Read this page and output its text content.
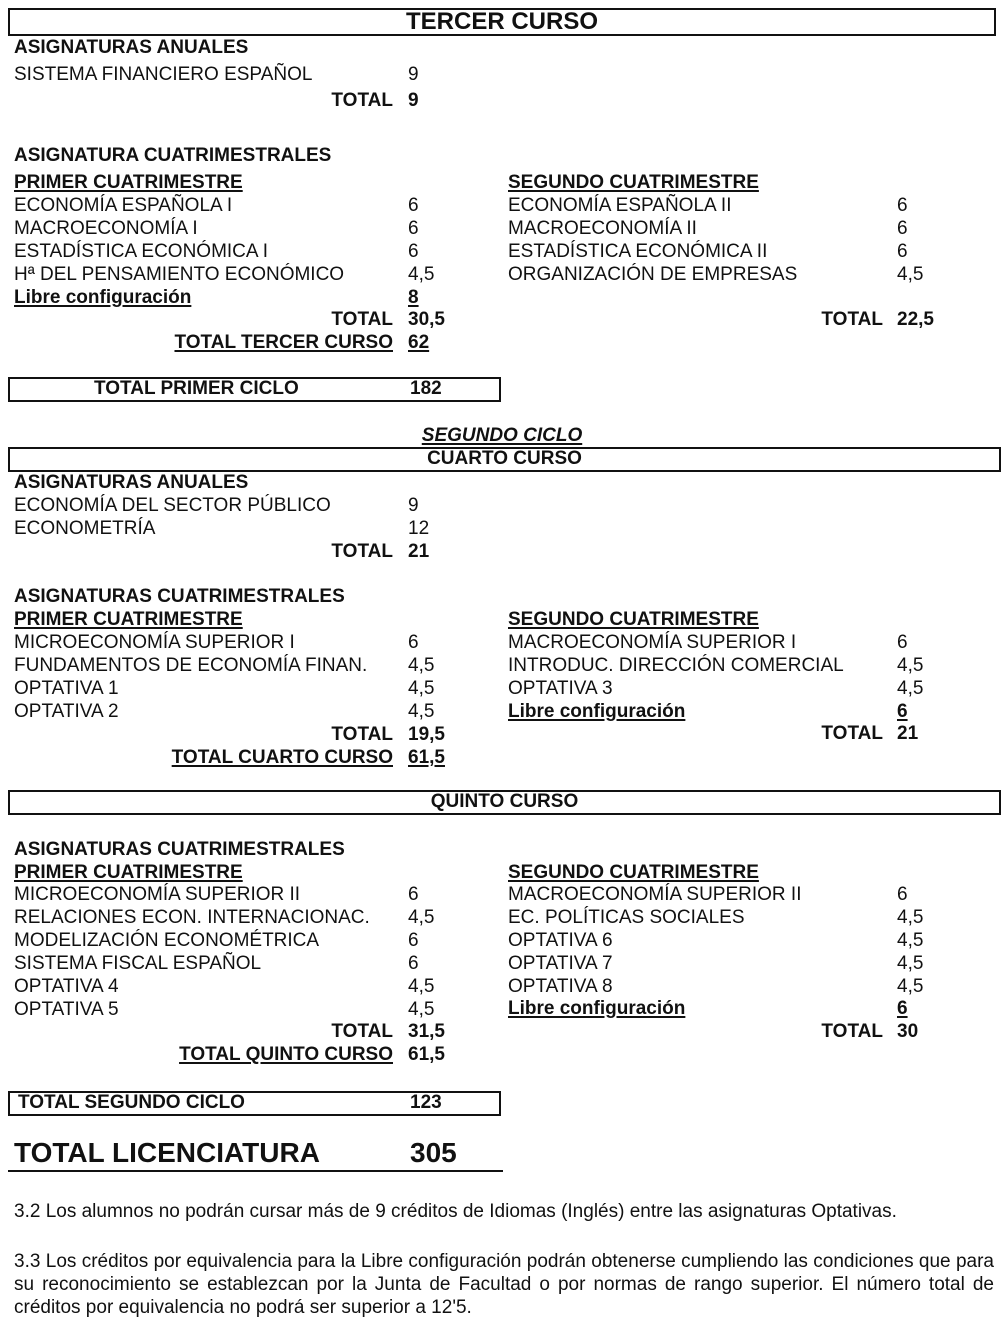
TERCER CURSO
ASIGNATURAS ANUALES
SISTEMA FINANCIERO ESPAÑOL	9
TOTAL 9
ASIGNATURA CUATRIMESTRALES
PRIMER CUATRIMESTRE
ECONOMÍA ESPAÑOLA I	6
MACROECONOMÍA I	6
ESTADÍSTICA ECONÓMICA I	6
Hª DEL PENSAMIENTO ECONÓMICO	4,5
Libre configuración	8
TOTAL 30,5
TOTAL TERCER CURSO 62
SEGUNDO CUATRIMESTRE
ECONOMÍA ESPAÑOLA II	6
MACROECONOMÍA II	6
ESTADÍSTICA ECONÓMICA II	6
ORGANIZACIÓN DE EMPRESAS	4,5
TOTAL 22,5
TOTAL PRIMER CICLO	182
SEGUNDO CICLO
CUARTO CURSO
ASIGNATURAS ANUALES
ECONOMÍA DEL SECTOR PÚBLICO	9
ECONOMETRÍA	12
TOTAL 21
ASIGNATURAS CUATRIMESTRALES
PRIMER CUATRIMESTRE
MICROECONOMÍA SUPERIOR I	6
FUNDAMENTOS DE ECONOMÍA FINAN. 4,5
OPTATIVA 1	4,5
OPTATIVA 2	4,5
TOTAL 19,5
TOTAL CUARTO CURSO 61,5
SEGUNDO CUATRIMESTRE
MACROECONOMÍA SUPERIOR I	6
INTRODUC. DIRECCIÓN COMERCIAL	4,5
OPTATIVA 3	4,5
Libre configuración	6
TOTAL 21
QUINTO CURSO
ASIGNATURAS CUATRIMESTRALES
PRIMER CUATRIMESTRE
MICROECONOMÍA SUPERIOR II	6
RELACIONES ECON. INTERNACIONAC. 4,5
MODELIZACIÓN ECONOMÉTRICA	6
SISTEMA FISCAL ESPAÑOL	6
OPTATIVA 4	4,5
OPTATIVA 5	4,5
TOTAL 31,5
TOTAL QUINTO CURSO 61,5
SEGUNDO CUATRIMESTRE
MACROECONOMÍA SUPERIOR II	6
EC. POLÍTICAS SOCIALES	4,5
OPTATIVA 6	4,5
OPTATIVA 7	4,5
OPTATIVA 8	4,5
Libre configuración	6
TOTAL 30
TOTAL SEGUNDO CICLO	123
TOTAL LICENCIATURA	305
3.2 Los alumnos no podrán cursar más de 9 créditos de Idiomas (Inglés) entre las asignaturas Optativas.
3.3 Los créditos por equivalencia para la Libre configuración podrán obtenerse cumpliendo las condiciones que para su reconocimiento se establezcan por la Junta de Facultad o por normas de rango superior. El número total de créditos por equivalencia no podrá ser superior a 12'5.
